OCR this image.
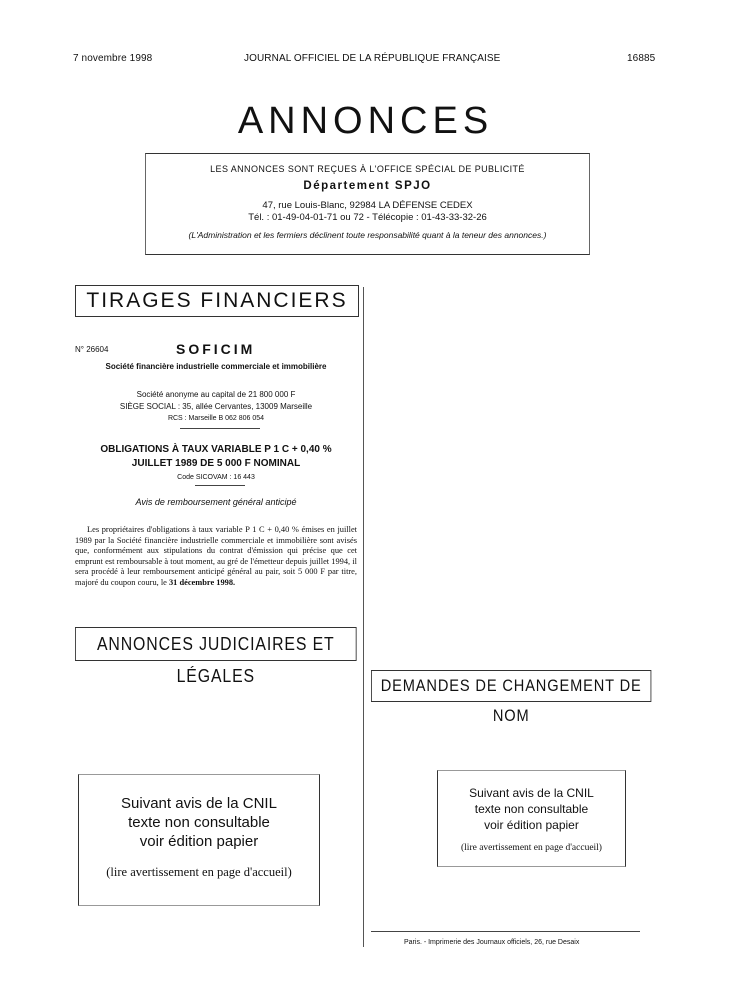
7 novembre 1998	JOURNAL OFFICIEL DE LA RÉPUBLIQUE FRANÇAISE	16885
ANNONCES
LES ANNONCES SONT REÇUES À L'OFFICE SPÉCIAL DE PUBLICITÉ
Département SPJO
47, rue Louis-Blanc, 92984 LA DÉFENSE CEDEX
Tél. : 01-49-04-01-71 ou 72 - Télécopie : 01-43-33-32-26
(L'Administration et les fermiers déclinent toute responsabilité quant à la teneur des annonces.)
TIRAGES FINANCIERS
N° 26604	SOFICIM
Société financière industrielle commerciale et immobilière
Société anonyme au capital de 21 800 000 F
SIÈGE SOCIAL : 35, allée Cervantes, 13009 Marseille
RCS : Marseille B 062 806 054
OBLIGATIONS À TAUX VARIABLE P 1 C + 0,40 %
JUILLET 1989 DE 5 000 F NOMINAL
Code SICOVAM : 16 443
Avis de remboursement général anticipé
Les propriétaires d'obligations à taux variable P 1 C + 0,40 % émises en juillet 1989 par la Société financière industrielle commerciale et immobilière sont avisés que, conformément aux stipulations du contrat d'émission qui précise que cet emprunt est remboursable à tout moment, au gré de l'émetteur depuis juillet 1994, il sera procédé à leur remboursement anticipé général au pair, soit 5 000 F par titre, majoré du coupon couru, le 31 décembre 1998.
ANNONCES JUDICIAIRES ET LÉGALES
Suivant avis de la CNIL
texte non consultable
voir édition papier
(lire avertissement en page d'accueil)
DEMANDES DE CHANGEMENT DE NOM
Suivant avis de la CNIL
texte non consultable
voir édition papier
(lire avertissement en page d'accueil)
Paris. - Imprimerie des Journaux officiels, 26, rue Desaix
